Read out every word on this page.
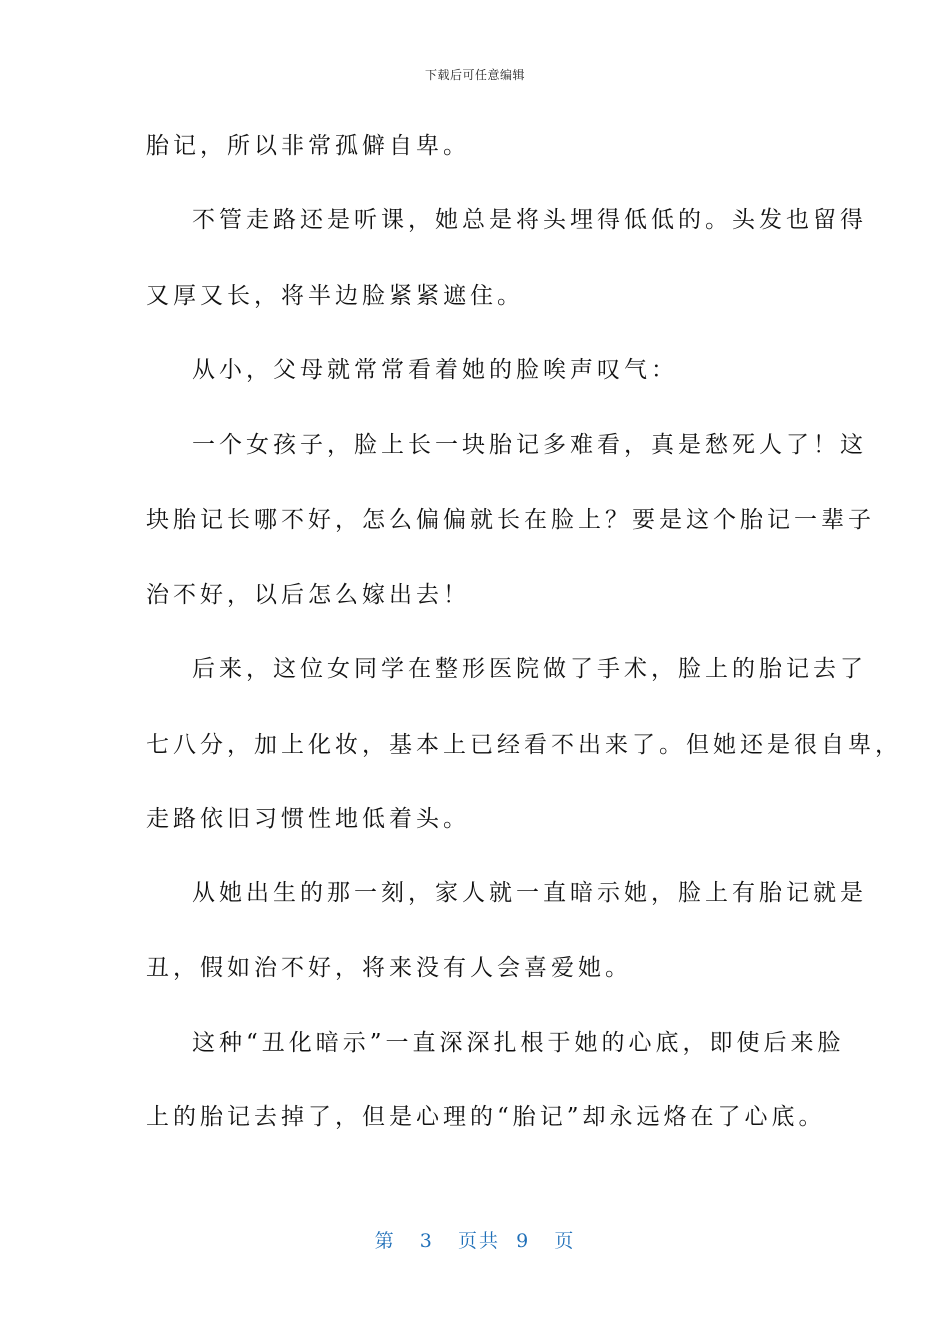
下载后可任意编辑
胎记，所以非常孤僻自卑。
不管走路还是听课，她总是将头埋得低低的。头发也留得
又厚又长，将半边脸紧紧遮住。
从小，父母就常常看着她的脸唉声叹气：
一个女孩子，脸上长一块胎记多难看，真是愁死人了！这
块胎记长哪不好，怎么偏偏就长在脸上？要是这个胎记一辈子
治不好，以后怎么嫁出去！
后来，这位女同学在整形医院做了手术，脸上的胎记去了
七八分，加上化妆，基本上已经看不出来了。但她还是很自卑，
走路依旧习惯性地低着头。
从她出生的那一刻，家人就一直暗示她，脸上有胎记就是
丑，假如治不好，将来没有人会喜爱她。
这种“丑化暗示”一直深深扎根于她的心底，即使后来脸
上的胎记去掉了，但是心理的“胎记”却永远烙在了心底。
第 3 页共 9 页
